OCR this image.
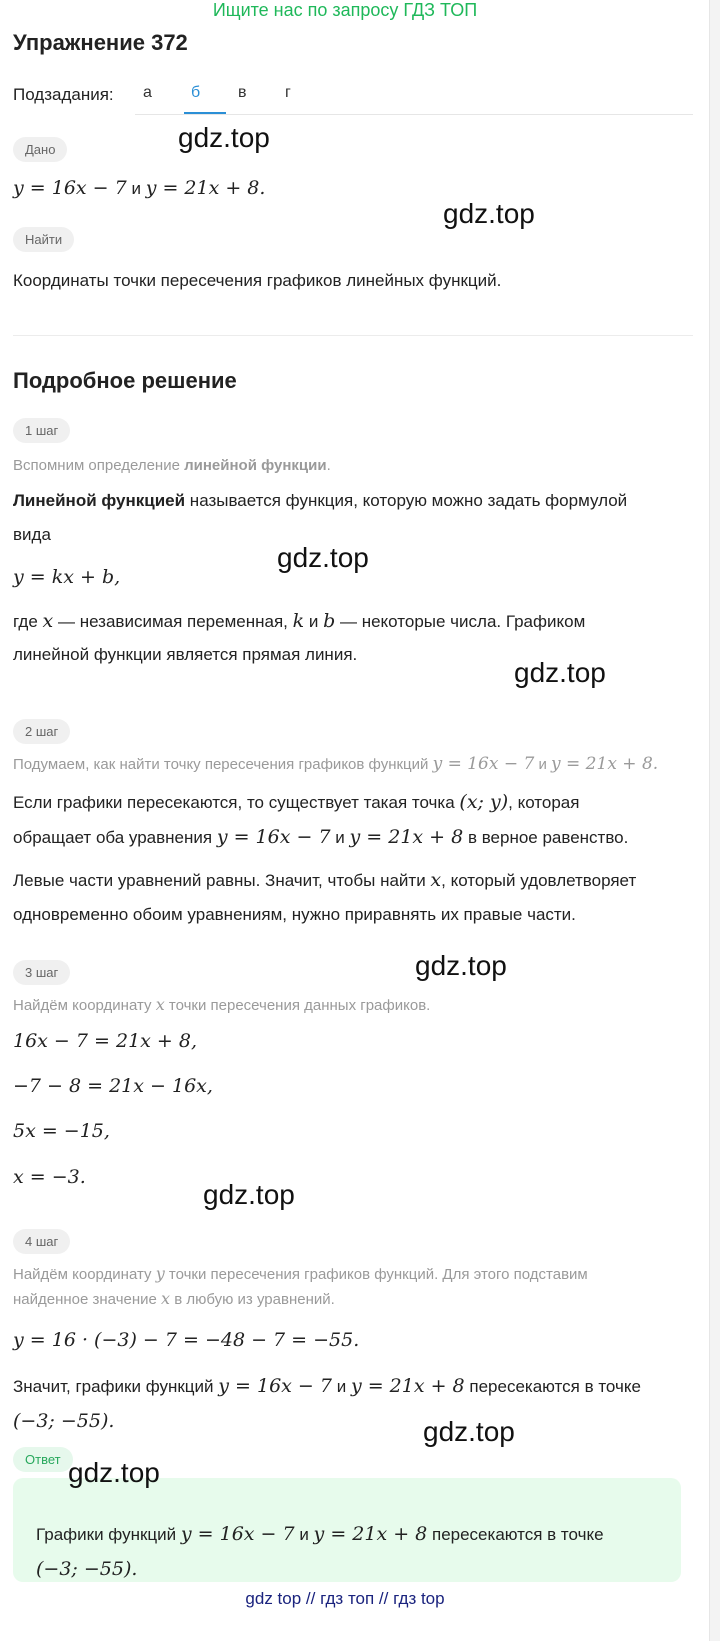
Ищите нас по запросу ГДЗ ТОП
Упражнение 372
Подзадания: а б в г
Дано
y = 16x − 7 и y = 21x + 8.
Найти
Координаты точки пересечения графиков линейных функций.
Подробное решение
1 шаг
Вспомним определение линейной функции.
Линейной функцией называется функция, которую можно задать формулой
вида
y = kx + b,
где x — независимая переменная, k и b — некоторые числа. Графиком
линейной функции является прямая линия.
2 шаг
Подумаем, как найти точку пересечения графиков функций y = 16x − 7 и y = 21x + 8.
Если графики пересекаются, то существует такая точка (x; y), которая
обращает оба уравнения y = 16x − 7 и y = 21x + 8 в верное равенство.
Левые части уравнений равны. Значит, чтобы найти x, который удовлетворяет
одновременно обоим уравнениям, нужно приравнять их правые части.
3 шаг
Найдём координату x точки пересечения данных графиков.
16x − 7 = 21x + 8,
−7 − 8 = 21x − 16x,
5x = −15,
x = −3.
4 шаг
Найдём координату y точки пересечения графиков функций. Для этого подставим
найденное значение x в любую из уравнений.
y = 16 · (−3) − 7 = −48 − 7 = −55.
Значит, графики функций y = 16x − 7 и y = 21x + 8 пересекаются в точке
(−3; −55).
Ответ
Графики функций y = 16x − 7 и y = 21x + 8 пересекаются в точке
(−3; −55).
gdz.top
gdz.top
gdz.top
gdz.top
gdz.top
gdz.top
gdz.top
gdz.top
gdz top // гдз топ // гдз top
